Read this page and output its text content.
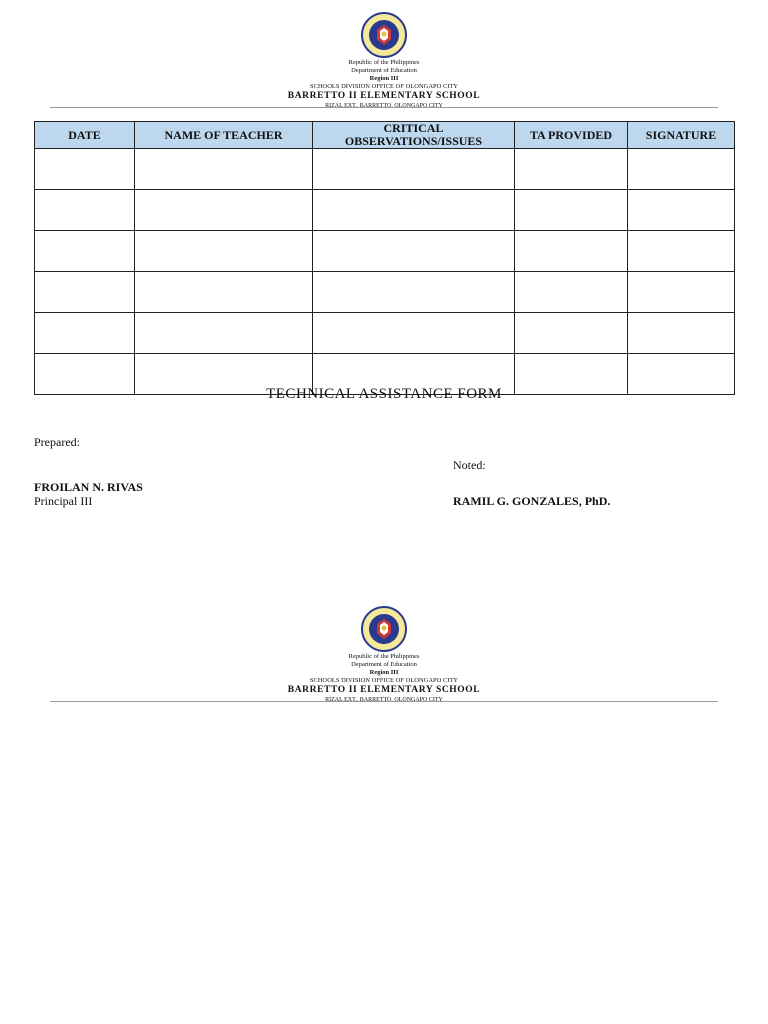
Republic of the Philippines
Department of Education
Region III
SCHOOLS DIVISION OFFICE OF OLONGAPO CITY
BARRETTO II ELEMENTARY SCHOOL
RIZAL EXT., BARRETTO, OLONGAPO CITY
DATE	NAME OF TEACHER	CRITICAL OBSERVATIONS/ISSUES	TA PROVIDED	SIGNATURE

TECHNICAL ASSISTANCE FORM
Prepared:
Noted:
FROILAN N. RIVAS
Principal III	RAMIL G. GONZALES, PhD.
Republic of the Philippines
Department of Education
Region III
SCHOOLS DIVISION OFFICE OF OLONGAPO CITY
BARRETTO II ELEMENTARY SCHOOL
RIZAL EXT., BARRETTO, OLONGAPO CITY
